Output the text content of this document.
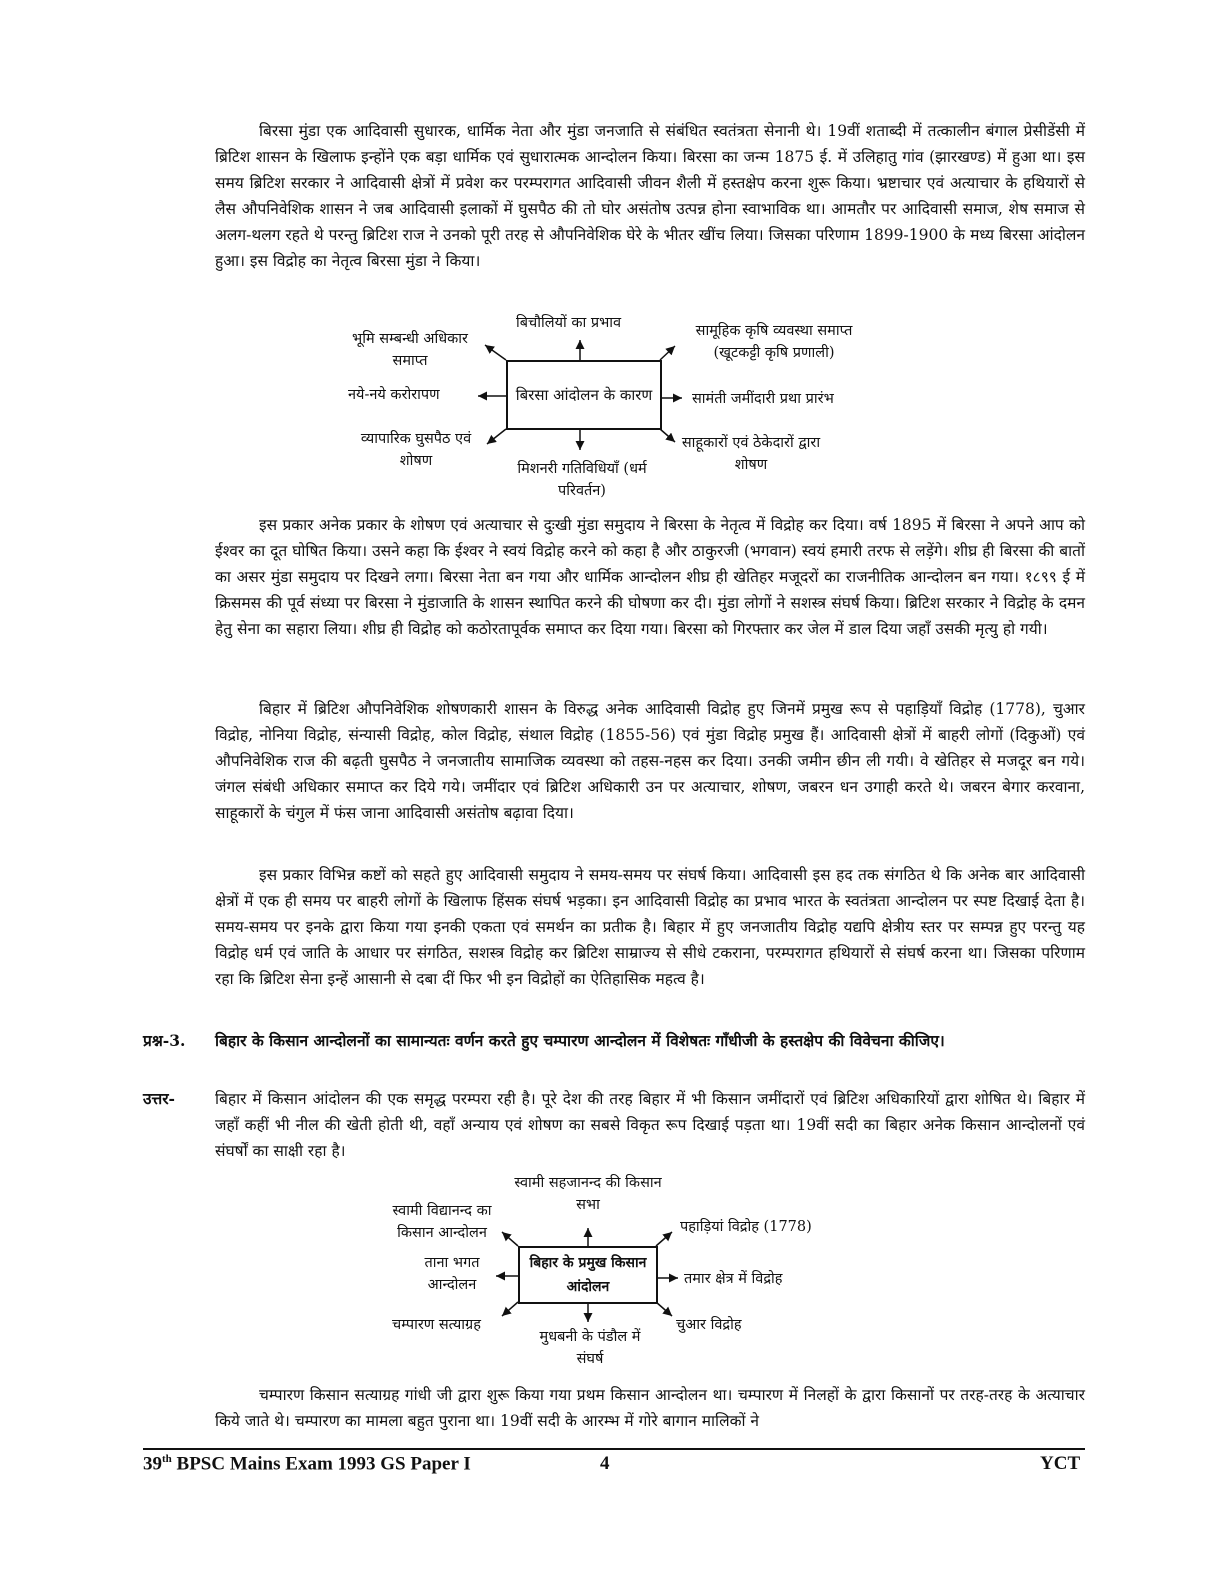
बिरसा मुंडा एक आदिवासी सुधारक, धार्मिक नेता और मुंडा जनजाति से संबंधित स्वतंत्रता सेनानी थे। 19वीं शताब्दी में तत्कालीन बंगाल प्रेसीडेंसी में ब्रिटिश शासन के खिलाफ इन्होंने एक बड़ा धार्मिक एवं सुधारात्मक आन्दोलन किया। बिरसा का जन्म 1875 ई. में उलिहातु गांव (झारखण्ड) में हुआ था। इस समय ब्रिटिश सरकार ने आदिवासी क्षेत्रों में प्रवेश कर परम्परागत आदिवासी जीवन शैली में हस्तक्षेप करना शुरू किया। भ्रष्टाचार एवं अत्याचार के हथियारों से लैस औपनिवेशिक शासन ने जब आदिवासी इलाकों में घुसपैठ की तो घोर असंतोष उत्पन्न होना स्वाभाविक था। आमतौर पर आदिवासी समाज, शेष समाज से अलग-थलग रहते थे परन्तु ब्रिटिश राज ने उनको पूरी तरह से औपनिवेशिक घेरे के भीतर खींच लिया। जिसका परिणाम 1899-1900 के मध्य बिरसा आंदोलन हुआ। इस विद्रोह का नेतृत्व बिरसा मुंडा ने किया।

बिरसा आंदोलन के कारण
बिचौलियों का प्रभाव
भूमि सम्बन्धी अधिकार समाप्त
सामूहिक कृषि व्यवस्था समाप्त (खूटकट्टी कृषि प्रणाली)
नये-नये करोरापण	सामंती जमींदारी प्रथा प्रारंभ
व्यापारिक घुसपैठ एवं शोषण	मिशनरी गतिविधियाँ (धर्म परिवर्तन)
साहूकारों एवं ठेकेदारों द्वारा शोषण

इस प्रकार अनेक प्रकार के शोषण एवं अत्याचार से दुःखी मुंडा समुदाय ने बिरसा के नेतृत्व में विद्रोह कर दिया। वर्ष 1895 में बिरसा ने अपने आप को ईश्वर का दूत घोषित किया। उसने कहा कि ईश्वर ने स्वयं विद्रोह करने को कहा है और ठाकुरजी (भगवान) स्वयं हमारी तरफ से लड़ेंगे। शीघ्र ही बिरसा की बातों का असर मुंडा समुदाय पर दिखने लगा। बिरसा नेता बन गया और धार्मिक आन्दोलन शीघ्र ही खेतिहर मजूदरों का राजनीतिक आन्दोलन बन गया। १८९९ ई में क्रिसमस की पूर्व संध्या पर बिरसा ने मुंडाजाति के शासन स्थापित करने की घोषणा कर दी। मुंडा लोगों ने सशस्त्र संघर्ष किया। ब्रिटिश सरकार ने विद्रोह के दमन हेतु सेना का सहारा लिया। शीघ्र ही विद्रोह को कठोरतापूर्वक समाप्त कर दिया गया। बिरसा को गिरफ्तार कर जेल में डाल दिया जहाँ उसकी मृत्यु हो गयी।

बिहार में ब्रिटिश औपनिवेशिक शोषणकारी शासन के विरुद्ध अनेक आदिवासी विद्रोह हुए जिनमें प्रमुख रूप से पहाड़ियाँ विद्रोह (1778), चुआर विद्रोह, नोनिया विद्रोह, संन्यासी विद्रोह, कोल विद्रोह, संथाल विद्रोह (1855-56) एवं मुंडा विद्रोह प्रमुख हैं। आदिवासी क्षेत्रों में बाहरी लोगों (दिकुओं) एवं औपनिवेशिक राज की बढ़ती घुसपैठ ने जनजातीय सामाजिक व्यवस्था को तहस-नहस कर दिया। उनकी जमीन छीन ली गयी। वे खेतिहर से मजदूर बन गये। जंगल संबंधी अधिकार समाप्त कर दिये गये। जमींदार एवं ब्रिटिश अधिकारी उन पर अत्याचार, शोषण, जबरन धन उगाही करते थे। जबरन बेगार करवाना, साहूकारों के चंगुल में फंस जाना आदिवासी असंतोष बढ़ावा दिया।

इस प्रकार विभिन्न कष्टों को सहते हुए आदिवासी समुदाय ने समय-समय पर संघर्ष किया। आदिवासी इस हद तक संगठित थे कि अनेक बार आदिवासी क्षेत्रों में एक ही समय पर बाहरी लोगों के खिलाफ हिंसक संघर्ष भड़का। इन आदिवासी विद्रोह का प्रभाव भारत के स्वतंत्रता आन्दोलन पर स्पष्ट दिखाई देता है। समय-समय पर इनके द्वारा किया गया इनकी एकता एवं समर्थन का प्रतीक है। बिहार में हुए जनजातीय विद्रोह यद्यपि क्षेत्रीय स्तर पर सम्पन्न हुए परन्तु यह विद्रोह धर्म एवं जाति के आधार पर संगठित, सशस्त्र विद्रोह कर ब्रिटिश साम्राज्य से सीधे टकराना, परम्परागत हथियारों से संघर्ष करना था। जिसका परिणाम रहा कि ब्रिटिश सेना इन्हें आसानी से दबा दीं फिर भी इन विद्रोहों का ऐतिहासिक महत्व है।

प्रश्न-3. बिहार के किसान आन्दोलनों का सामान्यतः वर्णन करते हुए चम्पारण आन्दोलन में विशेषतः गाँधीजी के हस्तक्षेप की विवेचना कीजिए।
उत्तर-	बिहार में किसान आंदोलन की एक समृद्ध परम्परा रही है। पूरे देश की तरह बिहार में भी किसान जमींदारों एवं ब्रिटिश अधिकारियों द्वारा शोषित थे। बिहार में जहाँ कहीं भी नील की खेती होती थी, वहाँ अन्याय एवं शोषण का सबसे विकृत रूप दिखाई पड़ता था। 19वीं सदी का बिहार अनेक किसान आन्दोलनों एवं संघर्षों का साक्षी रहा है।
बिहार के प्रमुख किसान आंदोलन
स्वामी सहजानन्द की किसान सभा
स्वामी विद्यानन्द का किसान आन्दोलन	पहाड़ियां विद्रोह (1778)
ताना भगत आन्दोलन	तमार क्षेत्र में विद्रोह
चम्पारण सत्याग्रह
मुधबनी के पंडौल में संघर्ष
चुआर विद्रोह

चम्पारण किसान सत्याग्रह गांधी जी द्वारा शुरू किया गया प्रथम किसान आन्दोलन था। चम्पारण में निलहों के द्वारा किसानों पर तरह-तरह के अत्याचार किये जाते थे। चम्पारण का मामला बहुत पुराना था। 19वीं सदी के आरम्भ में गोरे बागान मालिकों ने

39th BPSC Mains Exam 1993 GS Paper I	4	YCT
